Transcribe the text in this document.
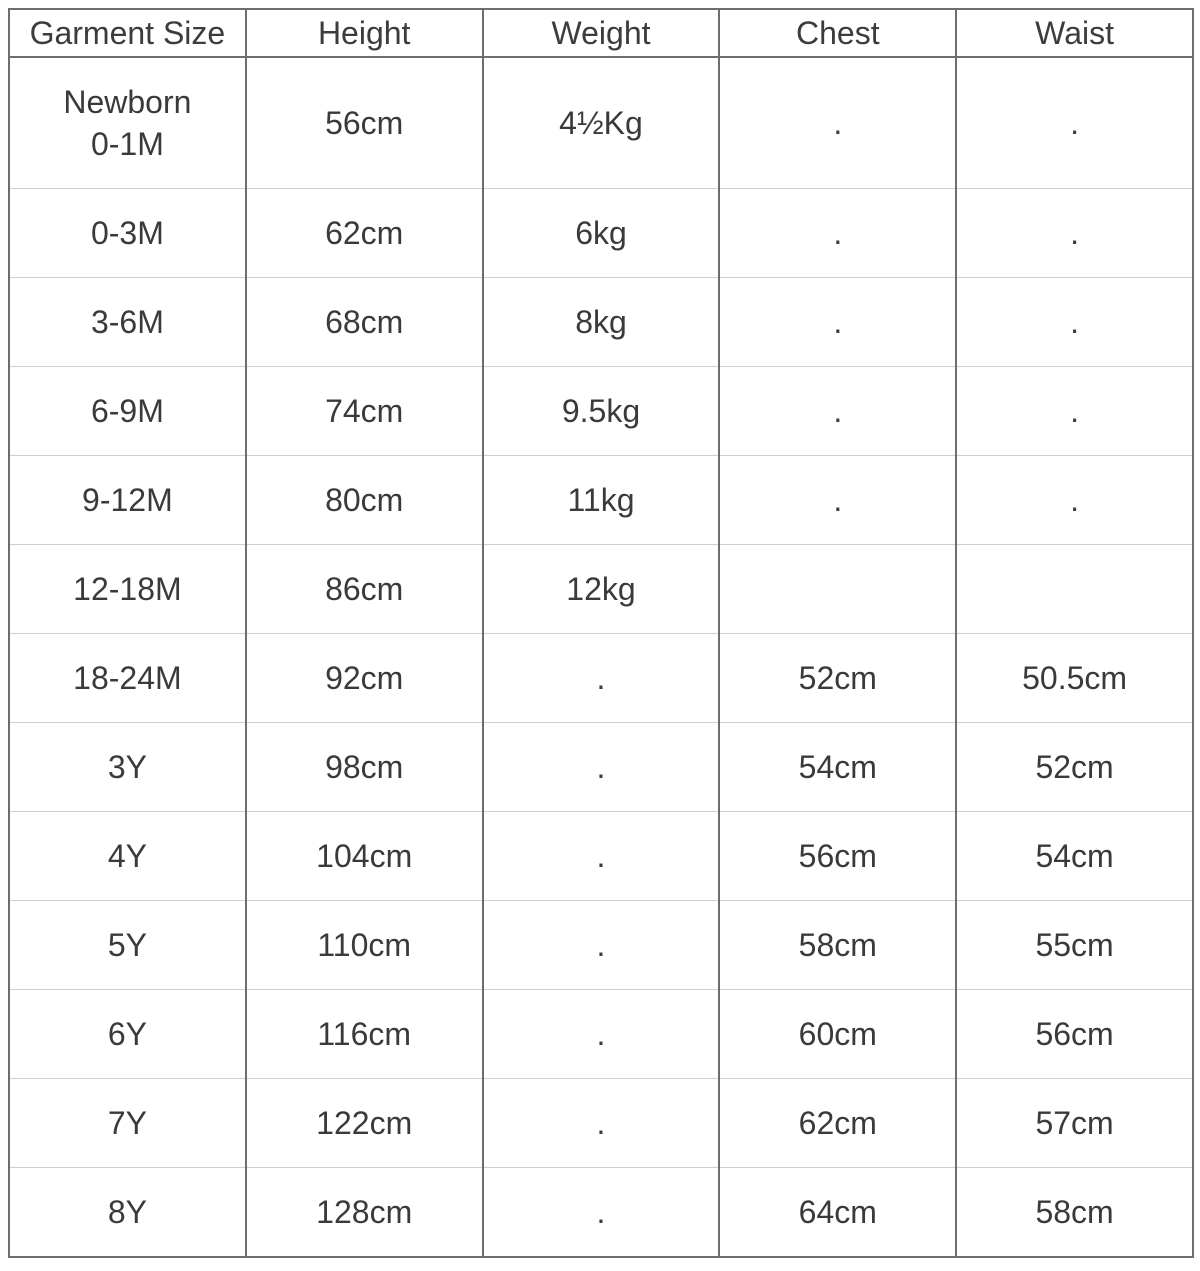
Garment Size	Height	Weight	Chest	Waist

Newborn
0-1M	56cm	4½Kg	.	.

0-3M	62cm	6kg	.	.

3-6M	68cm	8kg	.	.

6-9M	74cm	9.5kg	.	.

9-12M	80cm	11kg	.	.

12-18M	86cm	12kg		

18-24M	92cm	.	52cm	50.5cm

3Y	98cm	.	54cm	52cm

4Y	104cm	.	56cm	54cm

5Y	110cm	.	58cm	55cm

6Y	116cm	.	60cm	56cm

7Y	122cm	.	62cm	57cm

8Y	128cm	.	64cm	58cm
